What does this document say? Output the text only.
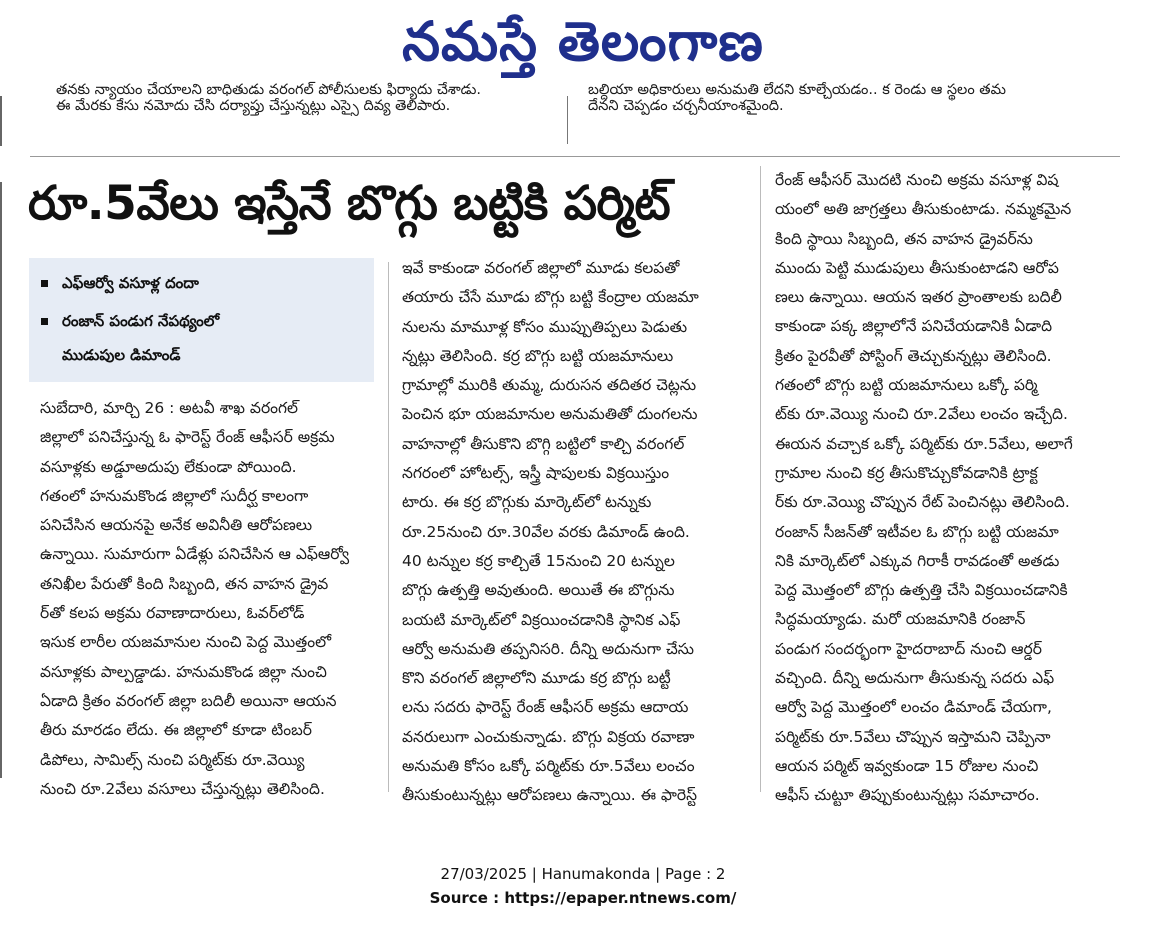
నమస్తే తెలంగాణ

తనకు న్యాయం చేయాలని బాధితుడు వరంగల్ పోలీసులకు ఫిర్యాదు చేశాడు.

ఈ మేరకు కేసు నమోదు చేసి దర్యాప్తు చేస్తున్నట్లు ఎస్సై దివ్య తెలిపారు.

బల్దియా అధికారులు అనుమతి లేదని కూల్చేయడం.. క రెండు ఆ స్థలం తమ

దేనని చెప్పడం చర్చనీయాంశమైంది.

రూ.5వేలు ఇస్తేనే బొగ్గు బట్టికి పర్మిట్
ఎఫ్ఆర్వో వసూళ్ల దందా
రంజాన్ పండుగ నేపథ్యంలో
ముడుపుల డిమాండ్

సుబేదారి, మార్చి 26 : అటవీ శాఖ వరంగల్

జిల్లాలో పనిచేస్తున్న ఓ ఫారెస్ట్ రేంజ్ ఆఫీసర్ అక్రమ

వసూళ్లకు అడ్డూఅదుపు లేకుండా పోయింది.

గతంలో హనుమకొండ జిల్లాలో సుదీర్ఘ కాలంగా

పనిచేసిన ఆయనపై అనేక అవినీతి ఆరోపణలు

ఉన్నాయి. సుమారుగా ఏడేళ్లు పనిచేసిన ఆ ఎఫ్ఆర్వో

తనిఖీల పేరుతో కింది సిబ్బంది, తన వాహన డ్రైవ

ర్‌తో కలప అక్రమ రవాణాదారులు, ఓవర్‌లోడ్

ఇసుక లారీల యజమానుల నుంచి పెద్ద మొత్తంలో

వసూళ్లకు పాల్పడ్డాడు. హనుమకొండ జిల్లా నుంచి

ఏడాది క్రితం వరంగల్ జిల్లా బదిలీ అయినా ఆయన

తీరు మారడం లేదు. ఈ జిల్లాలో కూడా టింబర్

డిపోలు, సామిల్స్ నుంచి పర్మిట్‌కు రూ.వెయ్యి

నుంచి రూ.2వేలు వసూలు చేస్తున్నట్లు తెలిసింది.

ఇవే కాకుండా వరంగల్ జిల్లాలో మూడు కలపతో

తయారు చేసే మూడు బొగ్గు బట్టి కేంద్రాల యజమా

నులను మామూళ్ల కోసం ముప్పుతిప్పలు పెడుతు

న్నట్లు తెలిసింది. కర్ర బొగ్గు బట్టి యజమానులు

గ్రామాల్లో మురికి తుమ్మ, దురుసన తదితర చెట్లను

పెంచిన భూ యజమానుల అనుమతితో దుంగలను

వాహనాల్లో తీసుకొని బొగ్గి బట్టిలో కాల్చి వరంగల్

నగరంలో హోటల్స్, ఇస్త్రీ షాపులకు విక్రయిస్తుం

టారు. ఈ కర్ర బొగ్గుకు మార్కెట్‌లో టన్నుకు

రూ.25నుంచి రూ.30వేల వరకు డిమాండ్ ఉంది.

40 టన్నుల కర్ర కాల్చితే 15నుంచి 20 టన్నుల

బొగ్గు ఉత్పత్తి అవుతుంది. అయితే ఈ బొగ్గును

బయటి మార్కెట్‌లో విక్రయించడానికి స్థానిక ఎఫ్

ఆర్వో అనుమతి తప్పనిసరి. దీన్ని అదునుగా చేసు

కొని వరంగల్ జిల్లాలోని మూడు కర్ర బొగ్గు బట్టీ

లను సదరు ఫారెస్ట్ రేంజ్ ఆఫీసర్ అక్రమ ఆదాయ

వనరులుగా ఎంచుకున్నాడు. బొగ్గు విక్రయ రవాణా

అనుమతి కోసం ఒక్కో పర్మిట్‌కు రూ.5వేలు లంచం

తీసుకుంటున్నట్లు ఆరోపణలు ఉన్నాయి. ఈ ఫారెస్ట్

రేంజ్ ఆఫీసర్ మొదటి నుంచి అక్రమ వసూళ్ల విష

యంలో అతి జాగ్రత్తలు తీసుకుంటాడు. నమ్మకమైన

కింది స్థాయి సిబ్బంది, తన వాహన డ్రైవర్‌ను

ముందు పెట్టి ముడుపులు తీసుకుంటాడని ఆరోప

ణలు ఉన్నాయి. ఆయన ఇతర ప్రాంతాలకు బదిలీ

కాకుండా పక్క జిల్లాలోనే పనిచేయడానికి ఏడాది

క్రితం పైరవీతో పోస్టింగ్ తెచ్చుకున్నట్లు తెలిసింది.

గతంలో బొగ్గు బట్టి యజమానులు ఒక్కో పర్మి

ట్‌కు రూ.వెయ్యి నుంచి రూ.2వేలు లంచం ఇచ్చేది.

ఈయన వచ్చాక ఒక్కో పర్మిట్‌కు రూ.5వేలు, అలాగే

గ్రామాల నుంచి కర్ర తీసుకొచ్చుకోవడానికి ట్రాక్ట

ర్‌కు రూ.వెయ్యి చొప్పున రేట్ పెంచినట్లు తెలిసింది.

రంజాన్ సీజన్‌తో ఇటీవల ఓ బొగ్గు బట్టి యజమా

నికి మార్కెట్‌లో ఎక్కువ గిరాకీ రావడంతో అతడు

పెద్ద మొత్తంలో బొగ్గు ఉత్పత్తి చేసి విక్రయించడానికి

సిద్ధమయ్యాడు. మరో యజమానికి రంజాన్

పండుగ సందర్భంగా హైదరాబాద్ నుంచి ఆర్డర్

వచ్చింది. దీన్ని అదునుగా తీసుకున్న సదరు ఎఫ్

ఆర్వో పెద్ద మొత్తంలో లంచం డిమాండ్ చేయగా,

పర్మిట్‌కు రూ.5వేలు చొప్పున ఇస్తామని చెప్పినా

ఆయన పర్మిట్ ఇవ్వకుండా 15 రోజుల నుంచి

ఆఫీస్ చుట్టూ తిప్పుకుంటున్నట్లు సమాచారం.

27/03/2025 | Hanumakonda | Page : 2
Source : https://epaper.ntnews.com/
